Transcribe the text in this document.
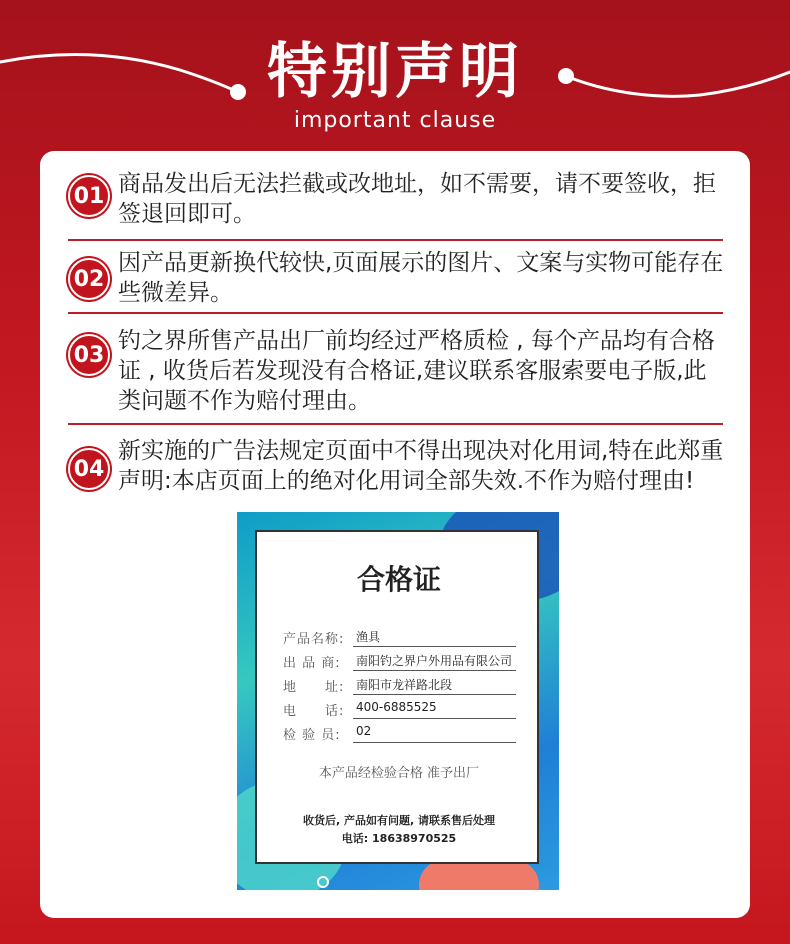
特别声明
important clause
01 商品发出后无法拦截或改地址，如不需要，请不要签收，拒签退回即可。
02
因产品更新换代较快,页面展示的图片、文案与实物可能存在些微差异。
03
钓之界所售产品出厂前均经过严格质检 , 每个产品均有合格证 , 收货后若发现没有合格证,建议联系客服索要电子版,此类问题不作为赔付理由。
04
新实施的广告法规定页面中不得出现决对化用词,特在此郑重声明:本店页面上的绝对化用词全部失效.不作为赔付理由!
合格证
产品名称: 渔具
出 品 商:	南阳钓之界户外用品有限公司
地　　址: 南阳市龙祥路北段
电　　话: 400-6885525
检 验 员:	02
本产品经检验合格 准予出厂
收货后, 产品如有问题, 请联系售后处理
电话: 18638970525
